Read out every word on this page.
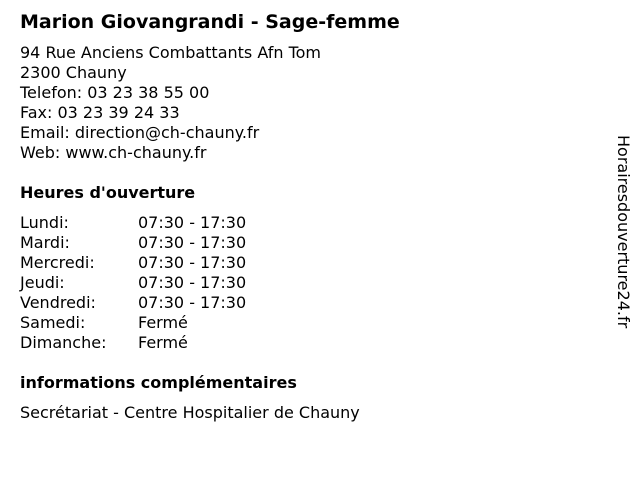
Marion Giovangrandi - Sage-femme
94 Rue Anciens Combattants Afn Tom
2300 Chauny
Telefon: 03 23 38 55 00
Fax: 03 23 39 24 33
Email: direction@ch-chauny.fr
Web: www.ch-chauny.fr
Heures d'ouverture
Lundi:	07:30 - 17:30
Mardi:	07:30 - 17:30
Mercredi:	07:30 - 17:30
Jeudi:	07:30 - 17:30
Vendredi:	07:30 - 17:30
Samedi:	Fermé
Dimanche:	Fermé
informations complémentaires
Secrétariat - Centre Hospitalier de Chauny
Horairesdouverture24.fr
